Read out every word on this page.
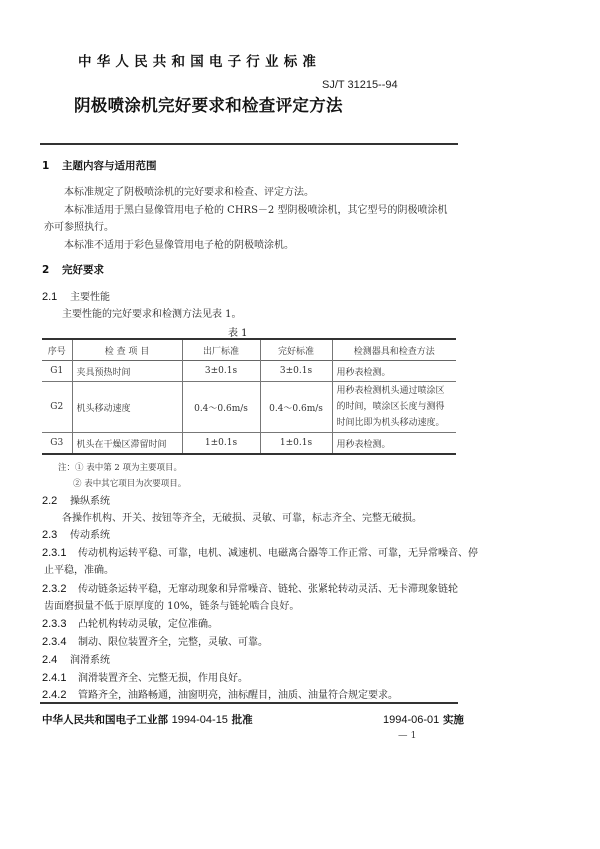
中华人民共和国电子行业标准
SJ/T 31215--94
阴极喷涂机完好要求和检查评定方法
1 主题内容与适用范围
本标准规定了阴极喷涂机的完好要求和检查、评定方法。
本标准适用于黑白显像管用电子枪的 CHRS－2 型阴极喷涂机，其它型号的阴极喷涂机
亦可参照执行。
本标准不适用于彩色显像管用电子枪的阴极喷涂机。
2 完好要求
2.1 主要性能
主要性能的完好要求和检测方法见表 1。
表 1
序号	检 查 项 目	出厂标准	完好标准	检测器具和检查方法
G1	夹具预热时间	3±0.1s	3±0.1s	用秒表检测。
G2	机头移动速度	0.4～0.6m/s	0.4～0.6m/s	用秒表检测机头通过喷涂区的时间，喷涂区长度与测得时间比即为机头移动速度。
G3	机头在干燥区滞留时间	1±0.1s	1±0.1s	用秒表检测。
注：① 表中第 2 项为主要项目。
② 表中其它项目为次要项目。
2.2 操纵系统
各操作机构、开关、按钮等齐全，无破损、灵敏、可靠，标志齐全、完整无破损。
2.3 传动系统
2.3.1 传动机构运转平稳、可靠，电机、减速机、电磁离合器等工作正常、可靠，无异常噪音、停
止平稳，准确。
2.3.2 传动链条运转平稳，无窜动现象和异常噪音、链轮、张紧轮转动灵活、无卡滞现象链轮
齿面磨损量不低于原厚度的 10%，链条与链轮啮合良好。
2.3.3 凸轮机构转动灵敏，定位准确。
2.3.4 制动、限位装置齐全，完整，灵敏、可靠。
2.4 润滑系统
2.4.1 润滑装置齐全、完整无损，作用良好。
2.4.2 管路齐全，油路畅通，油窗明亮，油标醒目，油质、油量符合规定要求。
中华人民共和国电子工业部 1994-04-15 批准	1994-06-01 实施
— 1
